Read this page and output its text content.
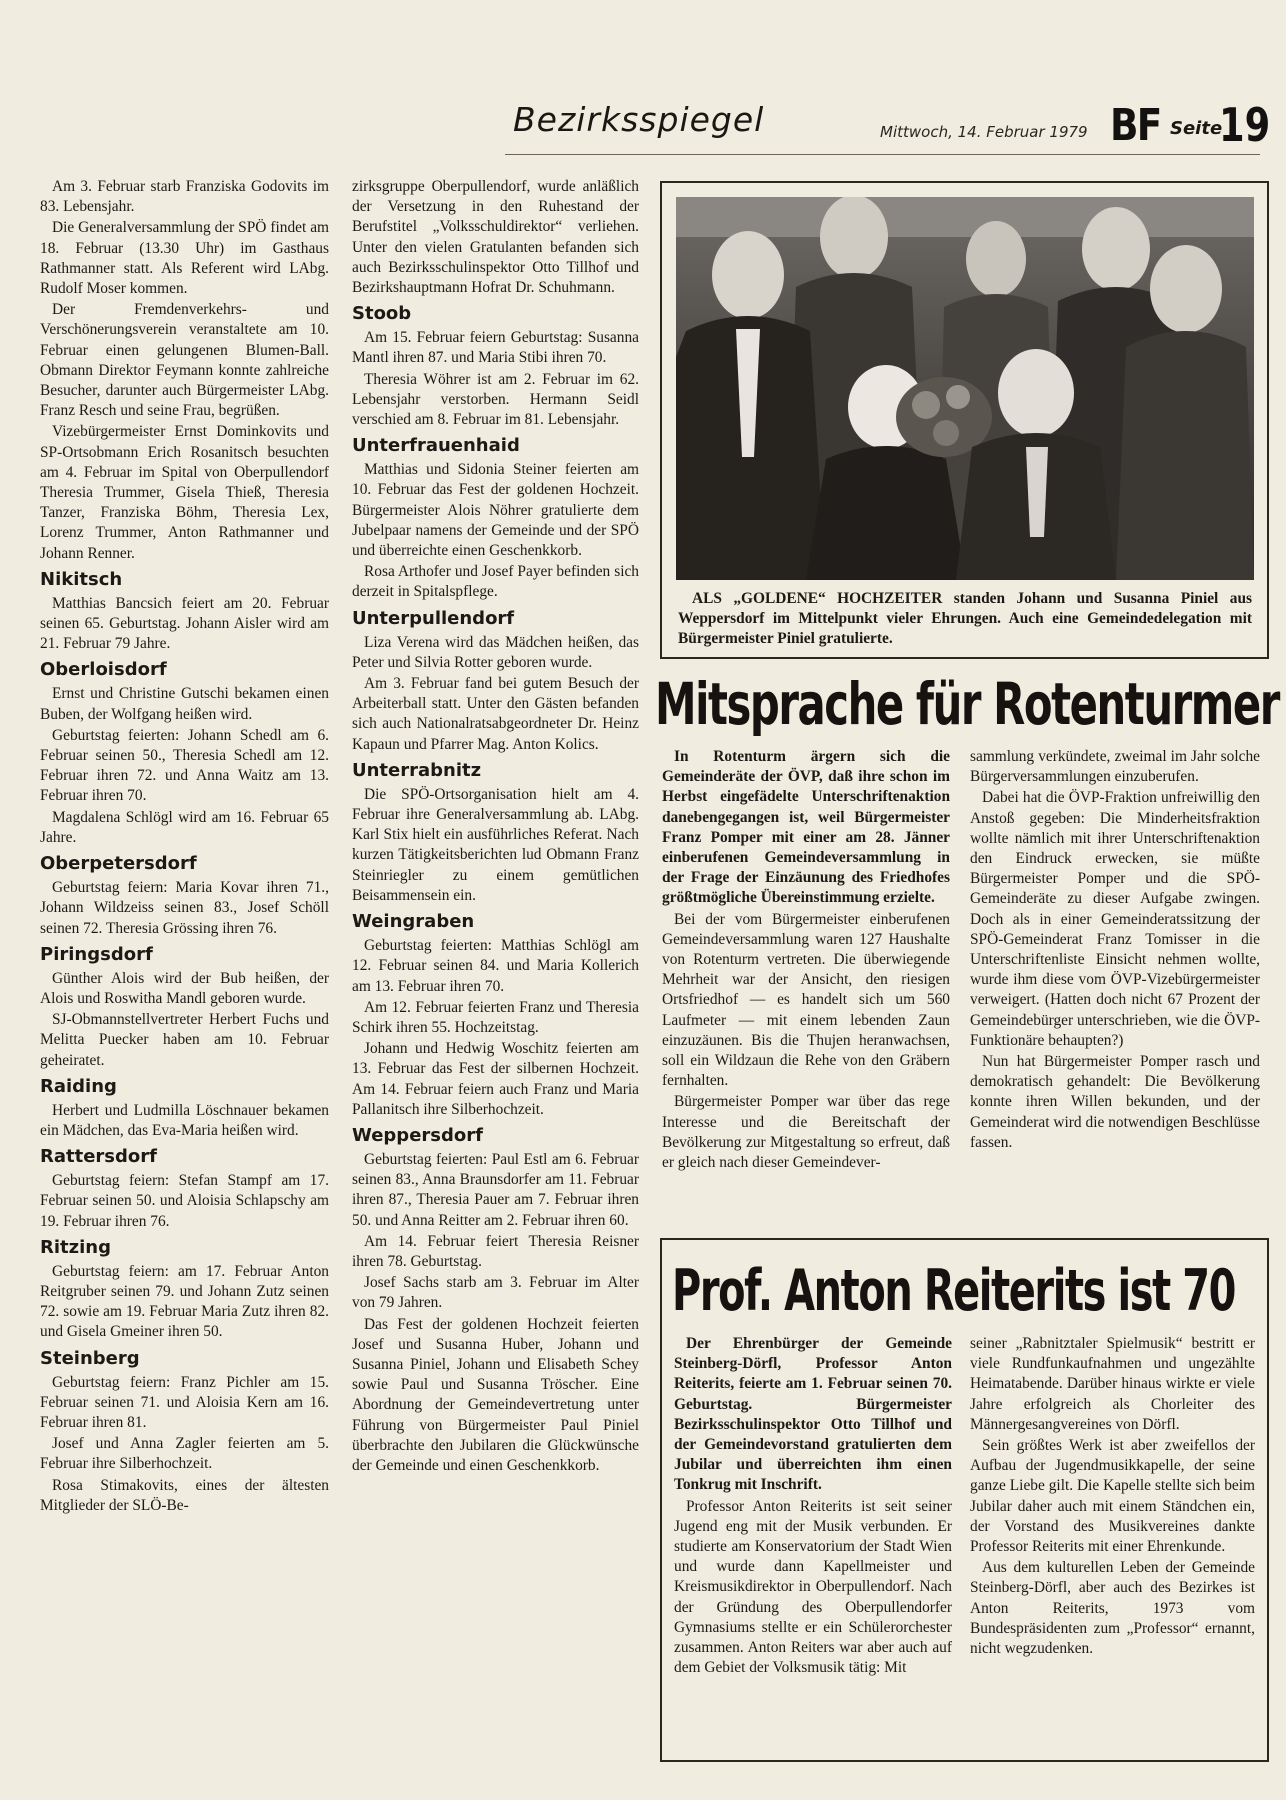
Bezirksspiegel	Mittwoch, 14. Februar 1979 BF Seite
19

Am 3. Februar starb Franziska Godovits im 83. Lebensjahr.

Die Generalversammlung der SPÖ findet am 18. Februar (13.30 Uhr) im Gasthaus Rathmanner statt. Als Referent wird LAbg. Rudolf Moser kommen.

Der Fremdenverkehrs- und Verschönerungsverein veranstaltete am 10. Februar einen gelungenen Blumen-Ball. Obmann Direktor Feymann konnte zahlreiche Besucher, darunter auch Bürgermeister LAbg. Franz Resch und seine Frau, begrüßen.

Vizebürgermeister Ernst Dominkovits und SP-Ortsobmann Erich Rosanitsch besuchten am 4. Februar im Spital von Oberpullendorf Theresia Trummer, Gisela Thieß, Theresia Tanzer, Franziska Böhm, Theresia Lex, Lorenz Trummer, Anton Rathmanner und Johann Renner.

Nikitsch

Matthias Bancsich feiert am 20. Februar seinen 65. Geburtstag. Johann Aisler wird am 21. Februar 79 Jahre.

Oberloisdorf

Ernst und Christine Gutschi bekamen einen Buben, der Wolfgang heißen wird.

Geburtstag feierten: Johann Schedl am 6. Februar seinen 50., Theresia Schedl am 12. Februar ihren 72. und Anna Waitz am 13. Februar ihren 70.

Magdalena Schlögl wird am 16. Februar 65 Jahre.

Oberpetersdorf

Geburtstag feiern: Maria Kovar ihren 71., Johann Wildzeiss seinen 83., Josef Schöll seinen 72. Theresia Grössing ihren 76.

Piringsdorf

Günther Alois wird der Bub heißen, der Alois und Roswitha Mandl geboren wurde.

SJ-Obmannstellvertreter Herbert Fuchs und Melitta Puecker haben am 10. Februar geheiratet.

Raiding

Herbert und Ludmilla Löschnauer bekamen ein Mädchen, das Eva-Maria heißen wird.

Rattersdorf

Geburtstag feiern: Stefan Stampf am 17. Februar seinen 50. und Aloisia Schlapschy am 19. Februar ihren 76.

Ritzing

Geburtstag feiern: am 17. Februar Anton Reitgruber seinen 79. und Johann Zutz seinen 72. sowie am 19. Februar Maria Zutz ihren 82. und Gisela Gmeiner ihren 50.

Steinberg

Geburtstag feiern: Franz Pichler am 15. Februar seinen 71. und Aloisia Kern am 16. Februar ihren 81.

Josef und Anna Zagler feierten am 5. Februar ihre Silberhochzeit.

Rosa Stimakovits, eines der ältesten Mitglieder der SLÖ-Be-

zirksgruppe Oberpullendorf, wurde anläßlich der Versetzung in den Ruhestand der Berufstitel „Volksschuldirektor“ verliehen. Unter den vielen Gratulanten befanden sich auch Bezirksschulinspektor Otto Tillhof und Bezirkshauptmann Hofrat Dr. Schuhmann.

Stoob

Am 15. Februar feiern Geburtstag: Susanna Mantl ihren 87. und Maria Stibi ihren 70.

Theresia Wöhrer ist am 2. Februar im 62. Lebensjahr verstorben. Hermann Seidl verschied am 8. Februar im 81. Lebensjahr.

Unterfrauenhaid

Matthias und Sidonia Steiner feierten am 10. Februar das Fest der goldenen Hochzeit. Bürgermeister Alois Nöhrer gratulierte dem Jubelpaar namens der Gemeinde und der SPÖ und überreichte einen Geschenkkorb.

Rosa Arthofer und Josef Payer befinden sich derzeit in Spitalspflege.

Unterpullendorf

Liza Verena wird das Mädchen heißen, das Peter und Silvia Rotter geboren wurde.

Am 3. Februar fand bei gutem Besuch der Arbeiterball statt. Unter den Gästen befanden sich auch Nationalratsabgeordneter Dr. Heinz Kapaun und Pfarrer Mag. Anton Kolics.

Unterrabnitz

Die SPÖ-Ortsorganisation hielt am 4. Februar ihre Generalversammlung ab. LAbg. Karl Stix hielt ein ausführliches Referat. Nach kurzen Tätigkeitsberichten lud Obmann Franz Steinriegler zu einem gemütlichen Beisammensein ein.

Weingraben

Geburtstag feierten: Matthias Schlögl am 12. Februar seinen 84. und Maria Kollerich am 13. Februar ihren 70.

Am 12. Februar feierten Franz und Theresia Schirk ihren 55. Hochzeitstag.

Johann und Hedwig Woschitz feierten am 13. Februar das Fest der silbernen Hochzeit. Am 14. Februar feiern auch Franz und Maria Pallanitsch ihre Silberhochzeit.

Weppersdorf

Geburtstag feierten: Paul Estl am 6. Februar seinen 83., Anna Braunsdorfer am 11. Februar ihren 87., Theresia Pauer am 7. Februar ihren 50. und Anna Reitter am 2. Februar ihren 60.

Am 14. Februar feiert Theresia Reisner ihren 78. Geburtstag.

Josef Sachs starb am 3. Februar im Alter von 79 Jahren.

Das Fest der goldenen Hochzeit feierten Josef und Susanna Huber, Johann und Susanna Piniel, Johann und Elisabeth Schey sowie Paul und Susanna Tröscher. Eine Abordnung der Gemeindevertretung unter Führung von Bürgermeister Paul Piniel überbrachte den Jubilaren die Glückwünsche der Gemeinde und einen Geschenkkorb.

ALS „GOLDENE“ HOCHZEITER standen Johann und Susanna Piniel aus Weppersdorf im Mittelpunkt vieler Ehrungen. Auch eine Gemeindedelegation mit Bürgermeister Piniel gratulierte.
Mitsprache für Rotenturmer

In Rotenturm ärgern sich die Gemeinderäte der ÖVP, daß ihre schon im Herbst eingefädelte Unterschriftenaktion danebengegangen ist, weil Bürgermeister Franz Pomper mit einer am 28. Jänner einberufenen Gemeindeversammlung in der Frage der Einzäunung des Friedhofes größtmögliche Übereinstimmung erzielte.

Bei der vom Bürgermeister einberufenen Gemeindeversammlung waren 127 Haushalte von Rotenturm vertreten. Die überwiegende Mehrheit war der Ansicht, den riesigen Ortsfriedhof — es handelt sich um 560 Laufmeter — mit einem lebenden Zaun einzuzäunen. Bis die Thujen heranwachsen, soll ein Wildzaun die Rehe von den Gräbern fernhalten.

Bürgermeister Pomper war über das rege Interesse und die Bereitschaft der Bevölkerung zur Mitgestaltung so erfreut, daß er gleich nach dieser Gemeindever-

sammlung verkündete, zweimal im Jahr solche Bürgerversammlungen einzuberufen.

Dabei hat die ÖVP-Fraktion unfreiwillig den Anstoß gegeben: Die Minderheitsfraktion wollte nämlich mit ihrer Unterschriftenaktion den Eindruck erwecken, sie müßte Bürgermeister Pomper und die SPÖ-Gemeinderäte zu dieser Aufgabe zwingen. Doch als in einer Gemeinderatssitzung der SPÖ-Gemeinderat Franz Tomisser in die Unterschriftenliste Einsicht nehmen wollte, wurde ihm diese vom ÖVP-Vizebürgermeister verweigert. (Hatten doch nicht 67 Prozent der Gemeindebürger unterschrieben, wie die ÖVP-Funktionäre behaupten?)

Nun hat Bürgermeister Pomper rasch und demokratisch gehandelt: Die Bevölkerung konnte ihren Willen bekunden, und der Gemeinderat wird die notwendigen Beschlüsse fassen.

Prof. Anton Reiterits ist 70

Der Ehrenbürger der Gemeinde Steinberg-Dörfl, Professor Anton Reiterits, feierte am 1. Februar seinen 70. Geburtstag. Bürgermeister Bezirksschulinspektor Otto Tillhof und der Gemeindevorstand gratulierten dem Jubilar und überreichten ihm einen Tonkrug mit Inschrift.

Professor Anton Reiterits ist seit seiner Jugend eng mit der Musik verbunden. Er studierte am Konservatorium der Stadt Wien und wurde dann Kapellmeister und Kreismusikdirektor in Oberpullendorf. Nach der Gründung des Oberpullendorfer Gymnasiums stellte er ein Schülerorchester zusammen. Anton Reiters war aber auch auf dem Gebiet der Volksmusik tätig: Mit

seiner „Rabnitztaler Spielmusik“ bestritt er viele Rundfunkaufnahmen und ungezählte Heimatabende. Darüber hinaus wirkte er viele Jahre erfolgreich als Chorleiter des Männergesangvereines von Dörfl.

Sein größtes Werk ist aber zweifellos der Aufbau der Jugendmusikkapelle, der seine ganze Liebe gilt. Die Kapelle stellte sich beim Jubilar daher auch mit einem Ständchen ein, der Vorstand des Musikvereines dankte Professor Reiterits mit einer Ehrenkunde.

Aus dem kulturellen Leben der Gemeinde Steinberg-Dörfl, aber auch des Bezirkes ist Anton Reiterits, 1973 vom Bundespräsidenten zum „Professor“ ernannt, nicht wegzudenken.
